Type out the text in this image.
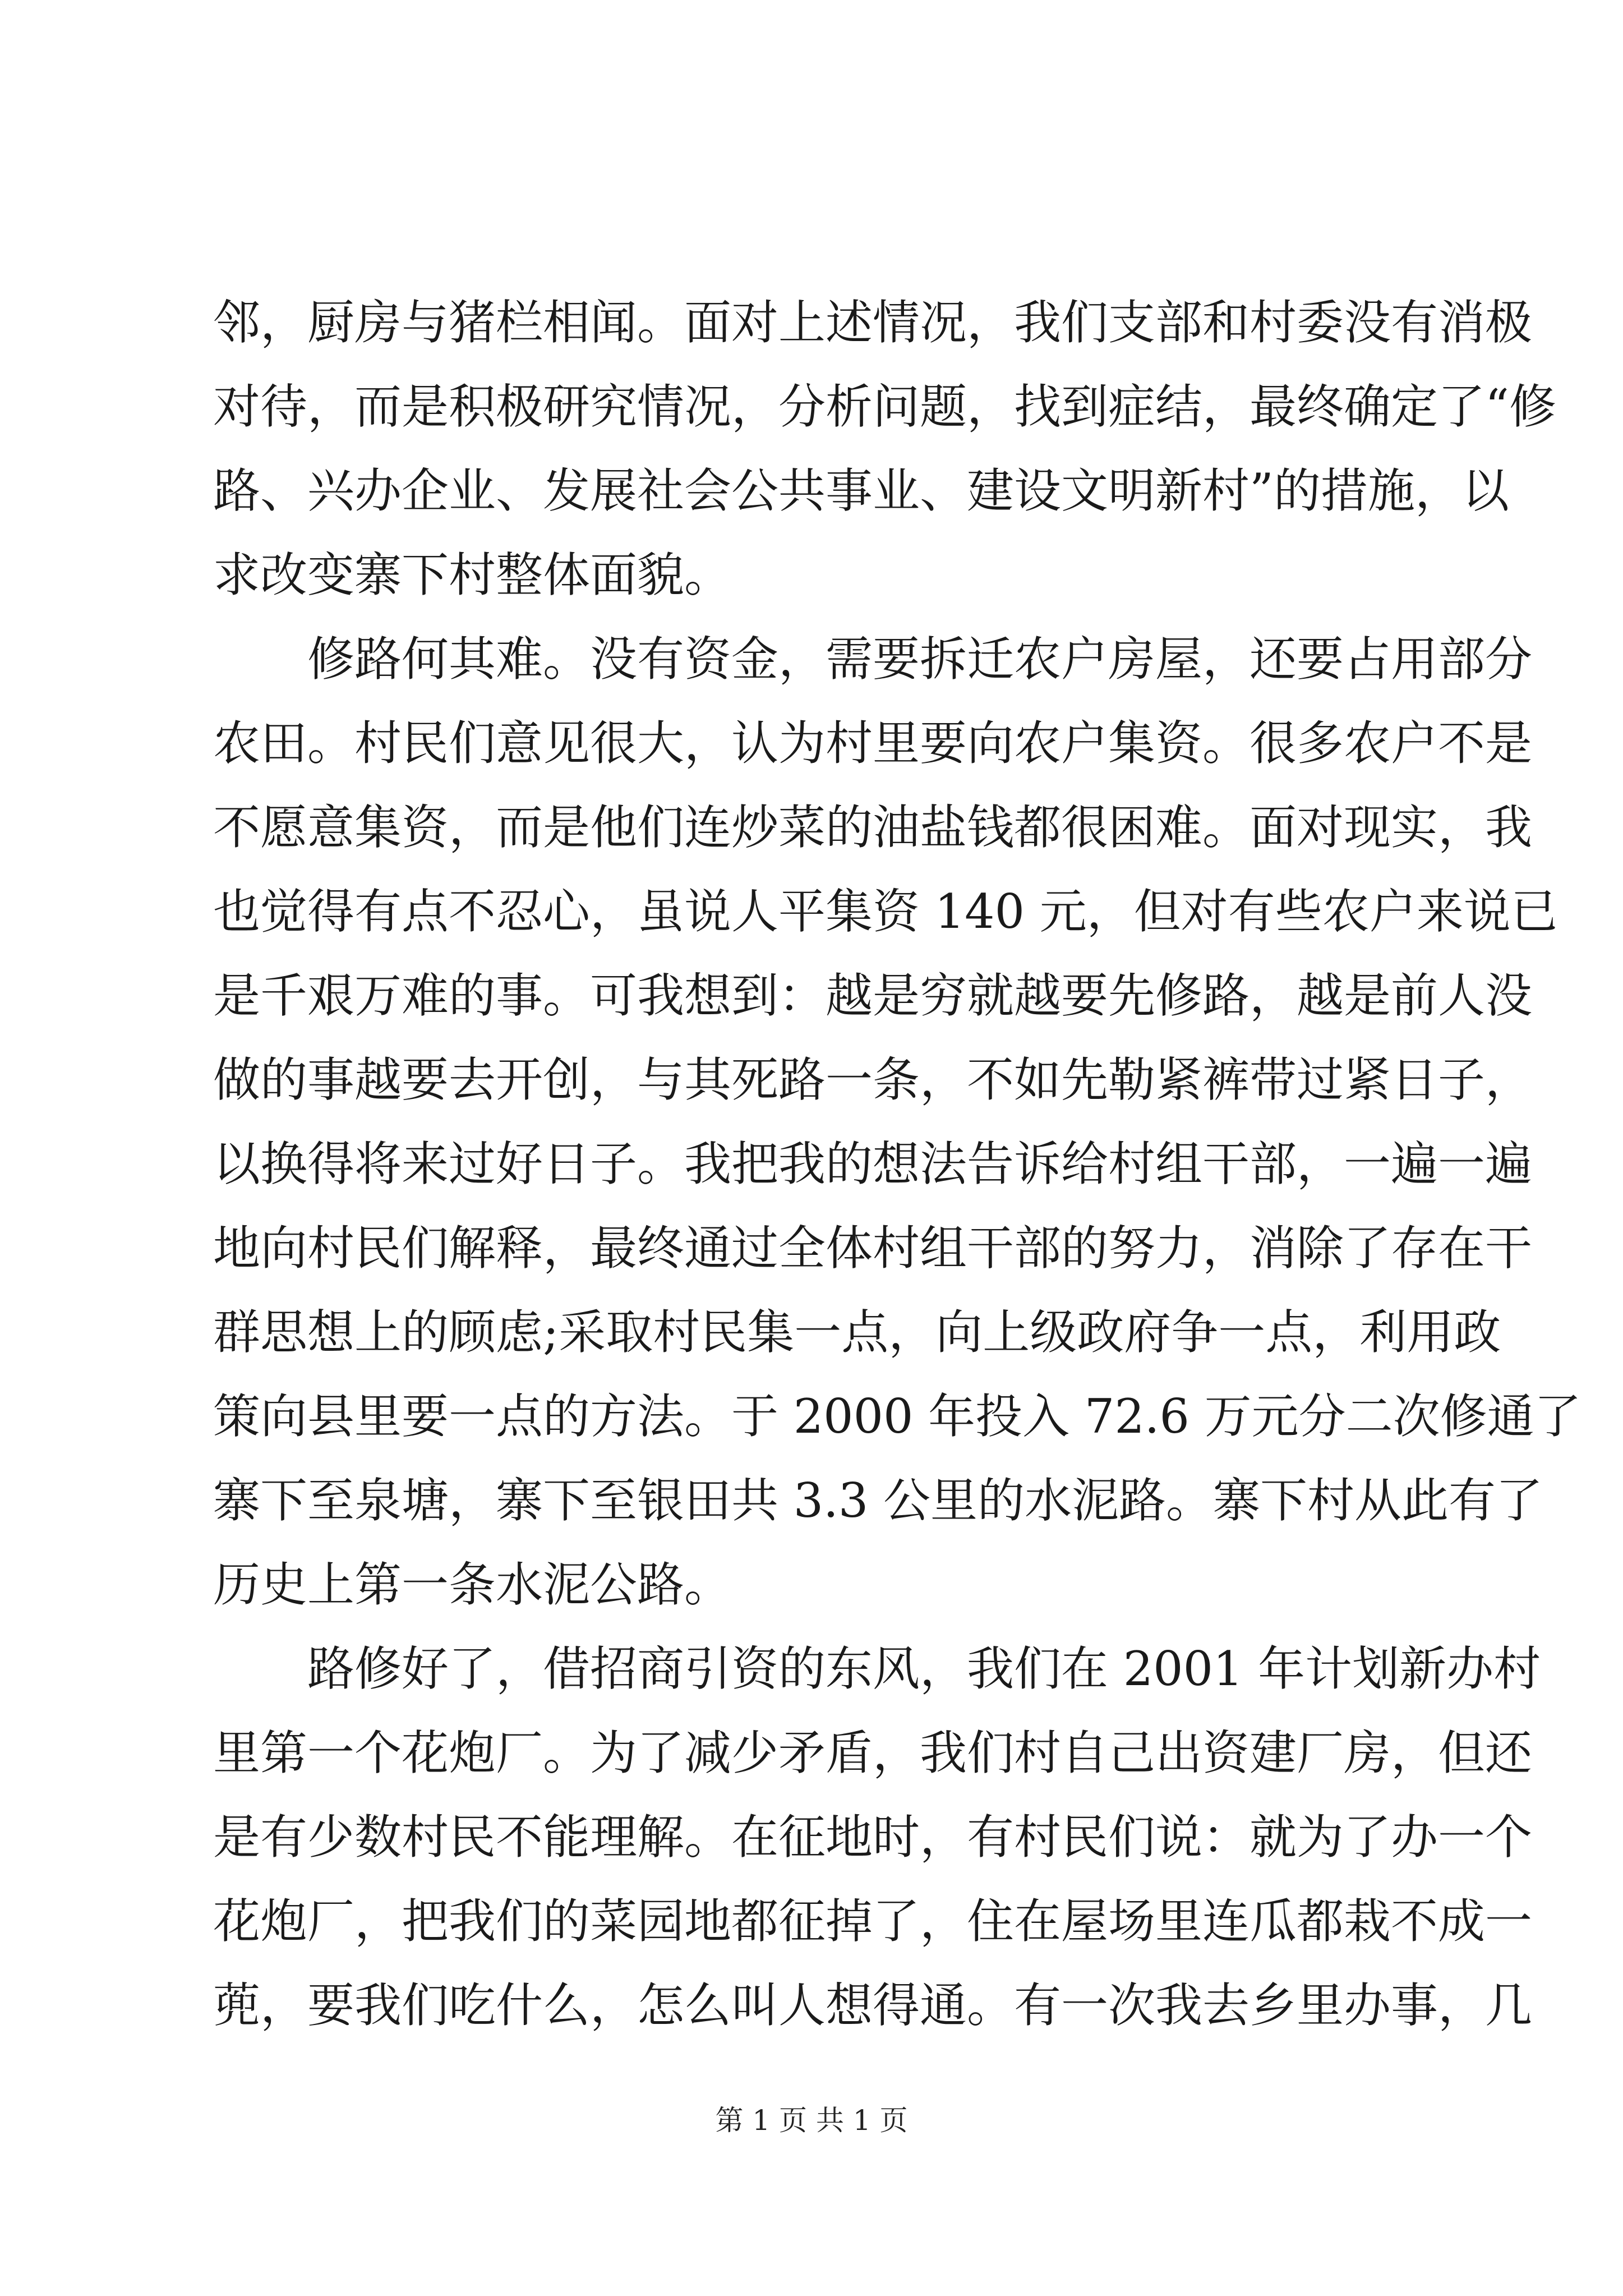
邻，厨房与猪栏相闻。面对上述情况，我们支部和村委没有消极

对待，而是积极研究情况，分析问题，找到症结，最终确定了“修

路、兴办企业、发展社会公共事业、建设文明新村”的措施，以

求改变寨下村整体面貌。

修路何其难。没有资金，需要拆迁农户房屋，还要占用部分

农田。村民们意见很大，认为村里要向农户集资。很多农户不是

不愿意集资，而是他们连炒菜的油盐钱都很困难。面对现实，我

也觉得有点不忍心，虽说人平集资 140 元，但对有些农户来说已

是千艰万难的事。可我想到：越是穷就越要先修路，越是前人没

做的事越要去开创，与其死路一条，不如先勒紧裤带过紧日子，

以换得将来过好日子。我把我的想法告诉给村组干部，一遍一遍

地向村民们解释，最终通过全体村组干部的努力，消除了存在干

群思想上的顾虑;采取村民集一点，向上级政府争一点，利用政

策向县里要一点的方法。于 2000 年投入 72.6 万元分二次修通了

寨下至泉塘，寨下至银田共 3.3 公里的水泥路。寨下村从此有了

历史上第一条水泥公路。

路修好了，借招商引资的东风，我们在 2001 年计划新办村

里第一个花炮厂。为了减少矛盾，我们村自己出资建厂房，但还

是有少数村民不能理解。在征地时，有村民们说：就为了办一个

花炮厂，把我们的菜园地都征掉了，住在屋场里连瓜都栽不成一

蔸，要我们吃什么，怎么叫人想得通。有一次我去乡里办事，几

第 1 页 共 1 页
